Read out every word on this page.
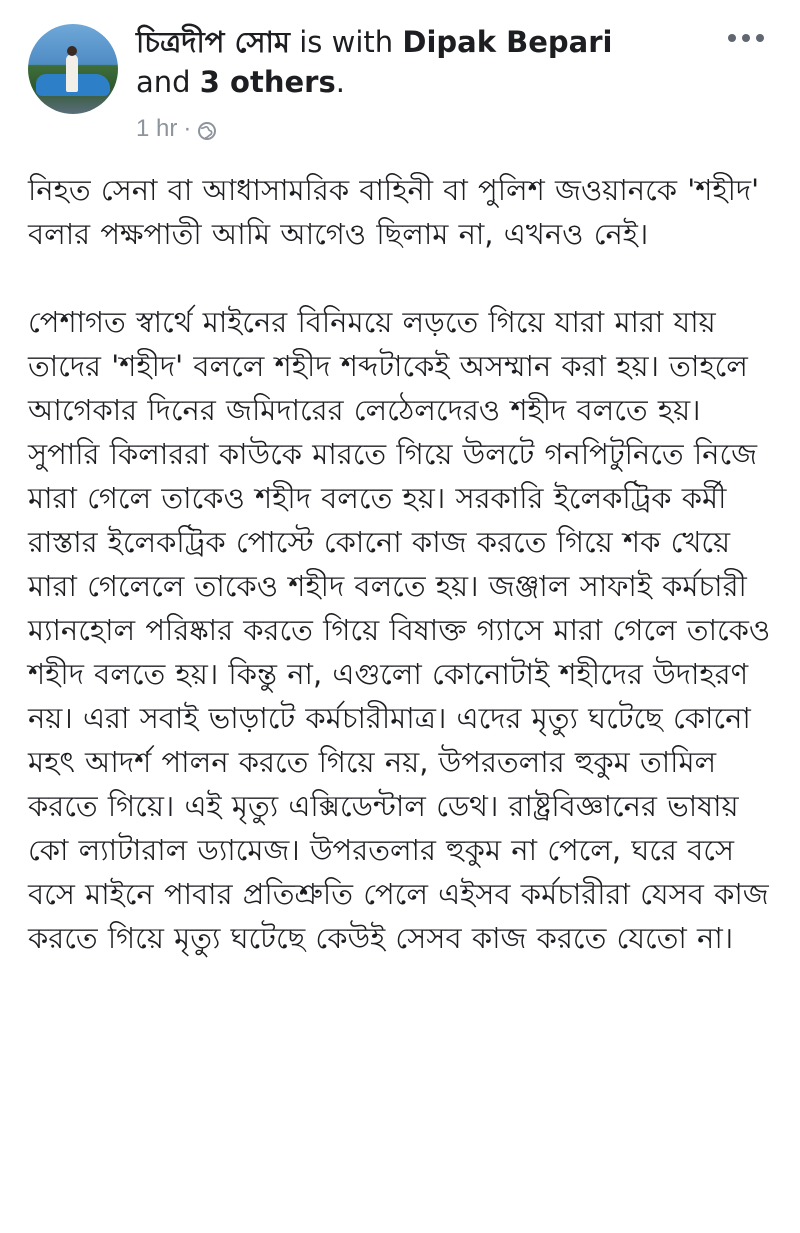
চিত্রদীপ সোম is with Dipak Bepari
and 3 others.
1 hr ·

নিহত সেনা বা আধাসামরিক বাহিনী বা পুলিশ জওয়ানকে 'শহীদ' বলার পক্ষপাতী আমি আগেও ছিলাম না, এখনও নেই।

পেশাগত স্বার্থে মাইনের বিনিময়ে লড়তে গিয়ে যারা মারা যায় তাদের 'শহীদ' বললে শহীদ শব্দটাকেই অসম্মান করা হয়। তাহলে আগেকার দিনের জমিদারের লেঠেলদেরও শহীদ বলতে হয়। সুপারি কিলাররা কাউকে মারতে গিয়ে উলটে গনপিটুনিতে নিজে মারা গেলে তাকেও শহীদ বলতে হয়। সরকারি ইলেকট্রিক কর্মী রাস্তার ইলেকট্রিক পোস্টে কোনো কাজ করতে গিয়ে শক খেয়ে মারা গেলেলে তাকেও শহীদ বলতে হয়। জঞ্জাল সাফাই কর্মচারী ম্যানহোল পরিষ্কার করতে গিয়ে বিষাক্ত গ্যাসে মারা গেলে তাকেও শহীদ বলতে হয়। কিন্তু না, এগুলো কোনোটাই শহীদের উদাহরণ নয়। এরা সবাই ভাড়াটে কর্মচারীমাত্র। এদের মৃত্যু ঘটেছে কোনো মহৎ আদর্শ পালন করতে গিয়ে নয়, উপরতলার হুকুম তামিল করতে গিয়ে। এই মৃত্যু এক্সিডেন্টাল ডেথ। রাষ্ট্রবিজ্ঞানের ভাষায় কো ল্যাটারাল ড্যামেজ। উপরতলার হুকুম না পেলে, ঘরে বসে বসে মাইনে পাবার প্রতিশ্রুতি পেলে এইসব কর্মচারীরা যেসব কাজ করতে গিয়ে মৃত্যু ঘটেছে কেউই সেসব কাজ করতে যেতো না।
